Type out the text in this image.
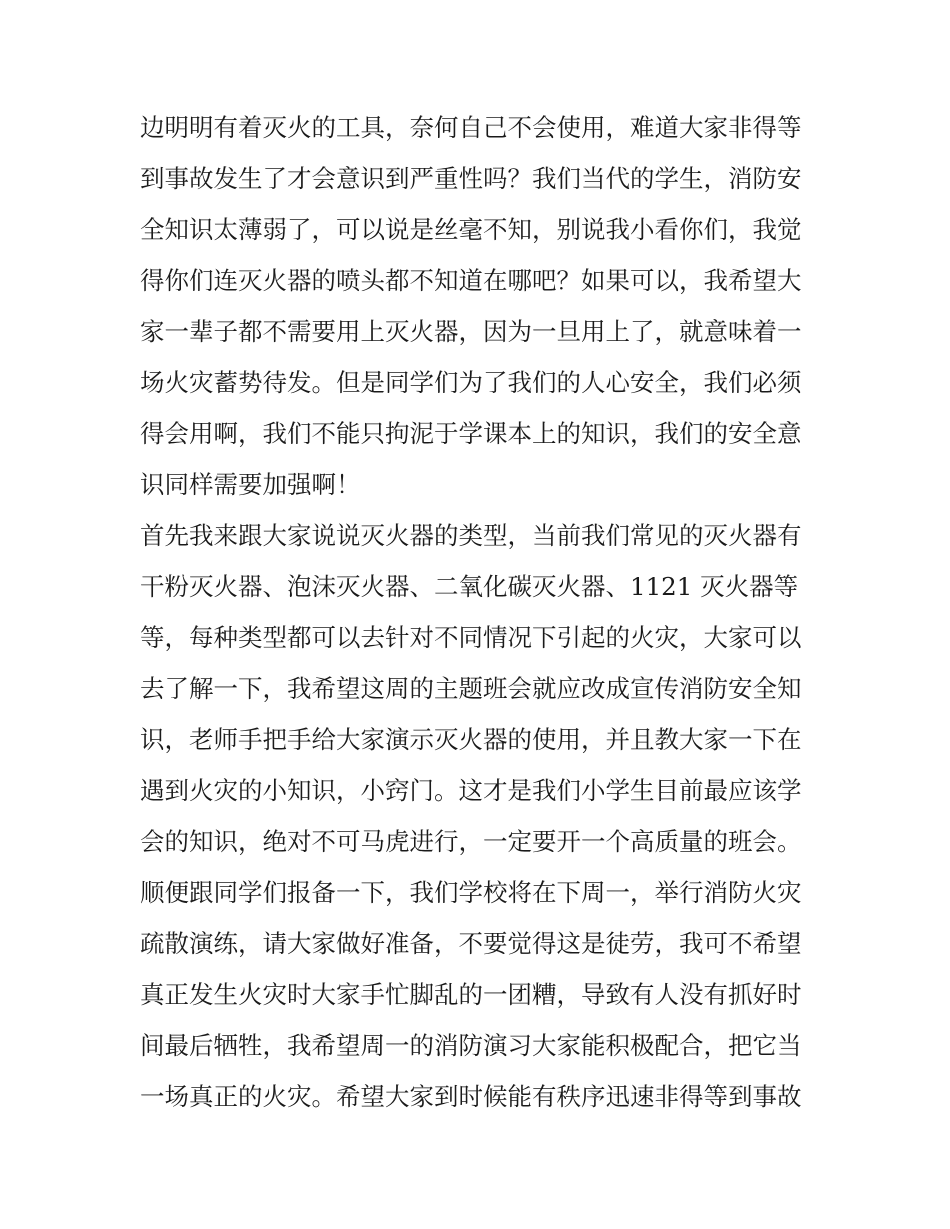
边明明有着灭火的工具，奈何自己不会使用，难道大家非得等
到事故发生了才会意识到严重性吗？我们当代的学生，消防安
全知识太薄弱了，可以说是丝毫不知，别说我小看你们，我觉
得你们连灭火器的喷头都不知道在哪吧？如果可以，我希望大
家一辈子都不需要用上灭火器，因为一旦用上了，就意味着一
场火灾蓄势待发。但是同学们为了我们的人心安全，我们必须
得会用啊，我们不能只拘泥于学课本上的知识，我们的安全意
识同样需要加强啊！
首先我来跟大家说说灭火器的类型，当前我们常见的灭火器有
干粉灭火器、泡沫灭火器、二氧化碳灭火器、1121 灭火器等
等，每种类型都可以去针对不同情况下引起的火灾，大家可以
去了解一下，我希望这周的主题班会就应改成宣传消防安全知
识，老师手把手给大家演示灭火器的使用，并且教大家一下在
遇到火灾的小知识，小窍门。这才是我们小学生目前最应该学
会的知识，绝对不可马虎进行，一定要开一个高质量的班会。
顺便跟同学们报备一下，我们学校将在下周一，举行消防火灾
疏散演练，请大家做好准备，不要觉得这是徒劳，我可不希望
真正发生火灾时大家手忙脚乱的一团糟，导致有人没有抓好时
间最后牺牲，我希望周一的消防演习大家能积极配合，把它当
一场真正的火灾。希望大家到时候能有秩序迅速非得等到事故
